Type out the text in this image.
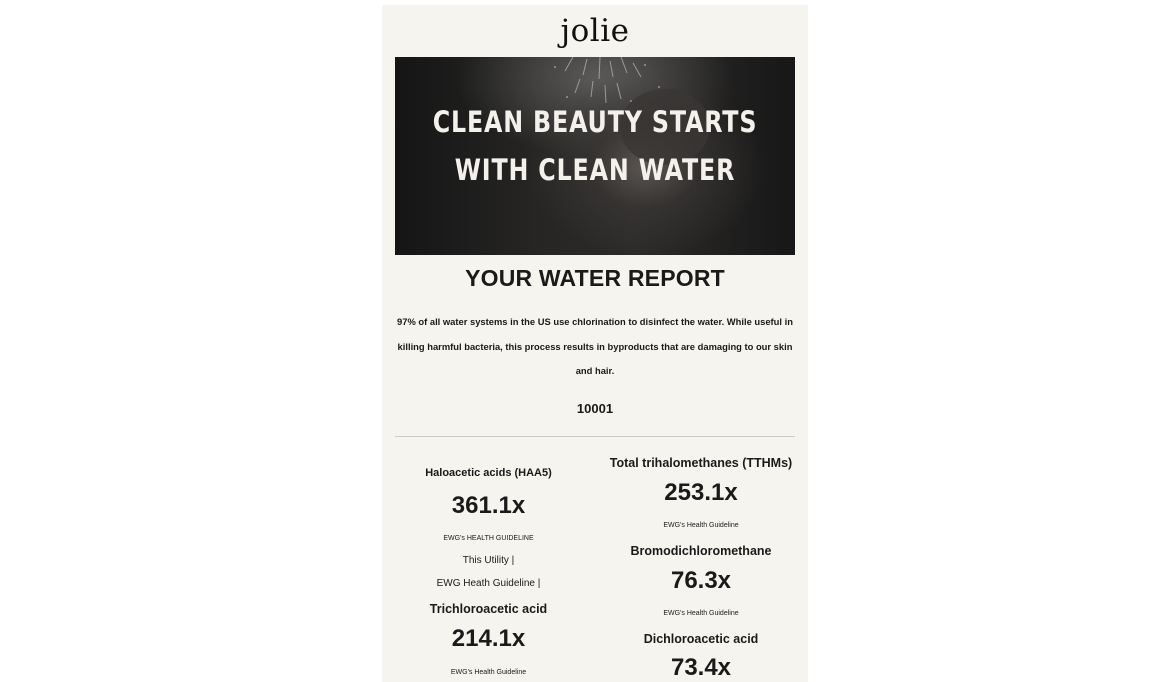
jolie
CLEAN BEAUTY STARTS
WITH CLEAN WATER
YOUR WATER REPORT
97% of all water systems in the US use chlorination to disinfect the water. While useful in
killing harmful bacteria, this process results in byproducts that are damaging to our skin
and hair.
10001
Haloacetic acids (HAA5)
361.1x
EWG's HEALTH GUIDELINE
This Utility |
EWG Heath Guideline |
Trichloroacetic acid
214.1x
EWG's Health Guideline
Total trihalomethanes (TTHMs)
253.1x
EWG's Health Guideline
Bromodichloromethane
76.3x
EWG's Health Guideline
Dichloroacetic acid
73.4x
